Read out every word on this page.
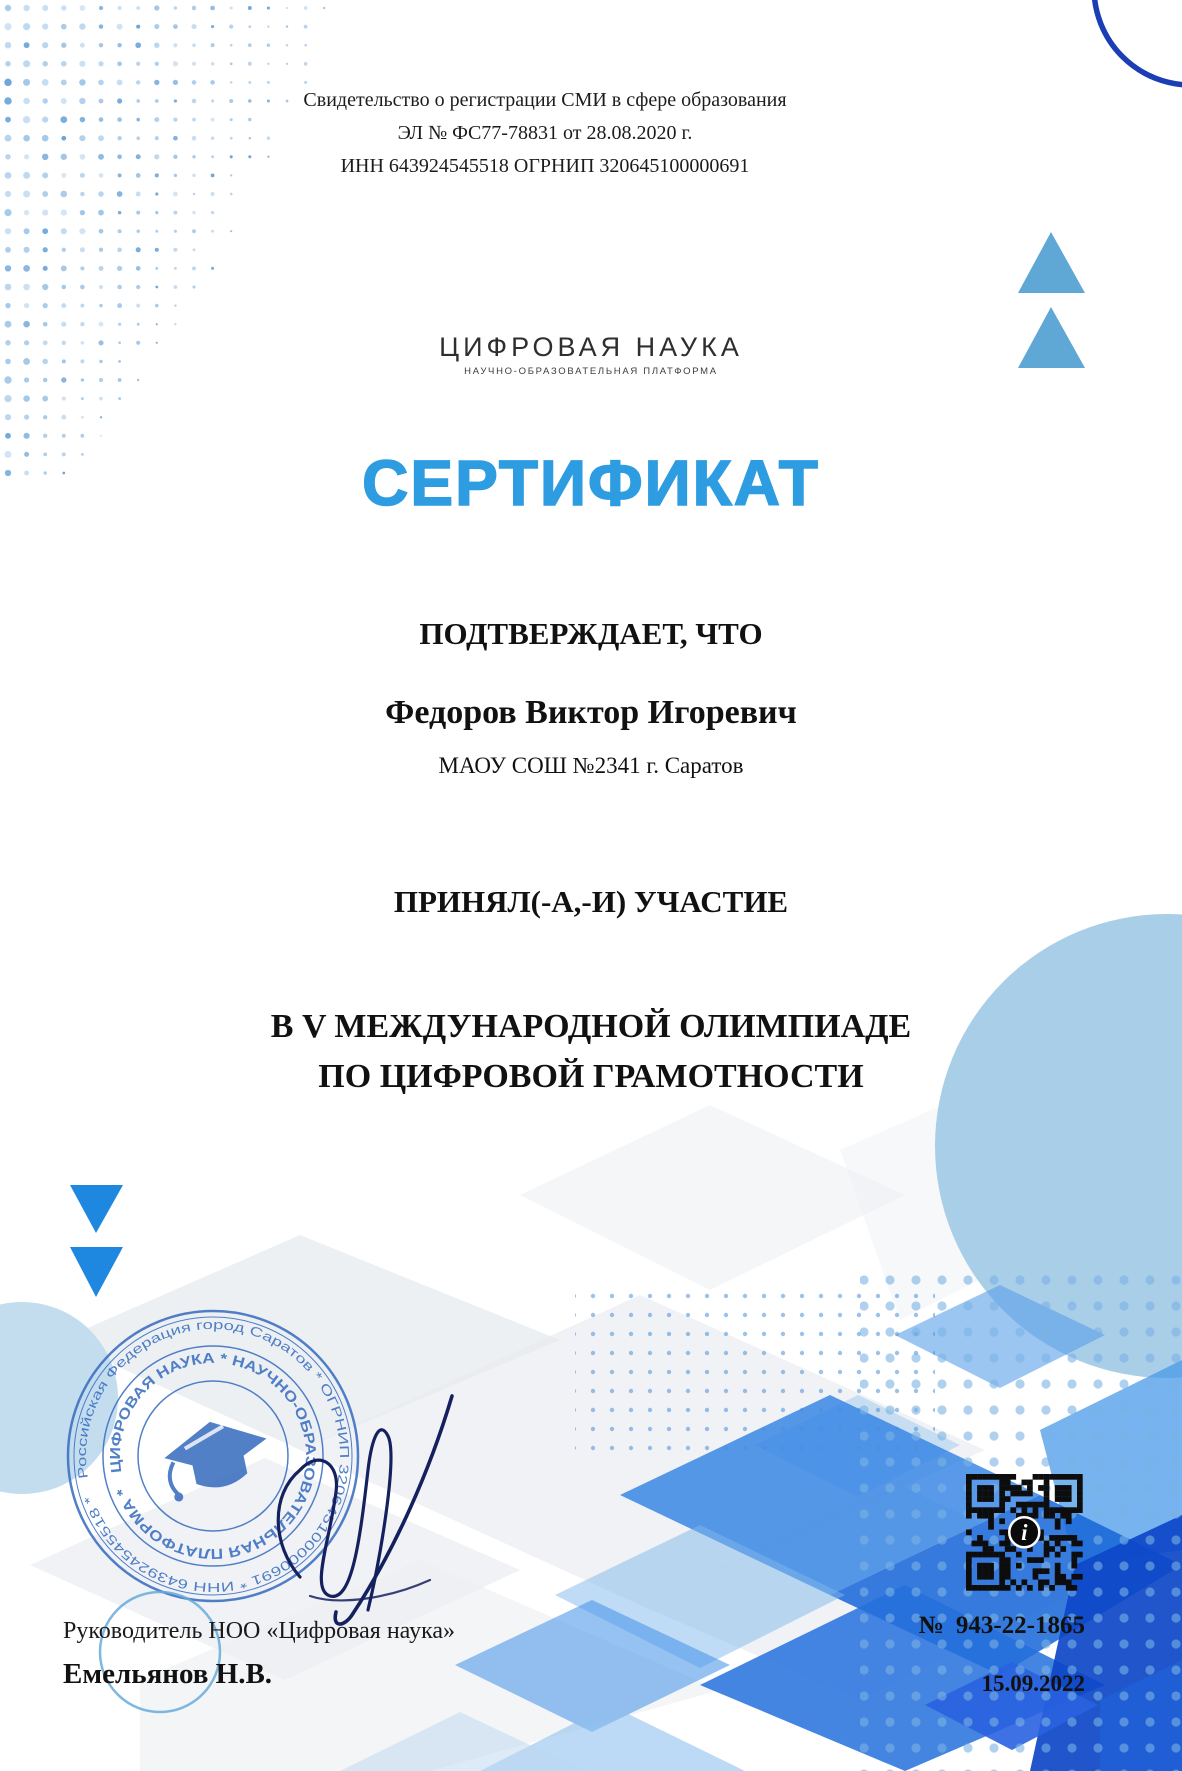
Российская Федерация город Саратов * ОГРНИП 320645100000691 * ИНН 643924545518 *
ЦИФРОВАЯ НАУКА * НАУЧНО-ОБРАЗОВАТЕЛЬНАЯ ПЛАТФОРМА *
i
Свидетельство о регистрации СМИ в сфере образования
ЭЛ № ФС77-78831 от 28.08.2020 г.
ИНН 643924545518 ОГРНИП 320645100000691
ЦИФРОВАЯ НАУКА
НАУЧНО-ОБРАЗОВАТЕЛЬНАЯ ПЛАТФОРМА
СЕРТИФИКАТ
ПОДТВЕРЖДАЕТ, ЧТО
Федоров Виктор Игоревич
МАОУ СОШ №2341 г. Саратов
ПРИНЯЛ(-А,-И) УЧАСТИЕ
В V МЕЖДУНАРОДНОЙ ОЛИМПИАДЕ
ПО ЦИФРОВОЙ ГРАМОТНОСТИ
Руководитель НОО «Цифровая наука»
Емельянов Н.В.
№ 943-22-1865
15.09.2022
